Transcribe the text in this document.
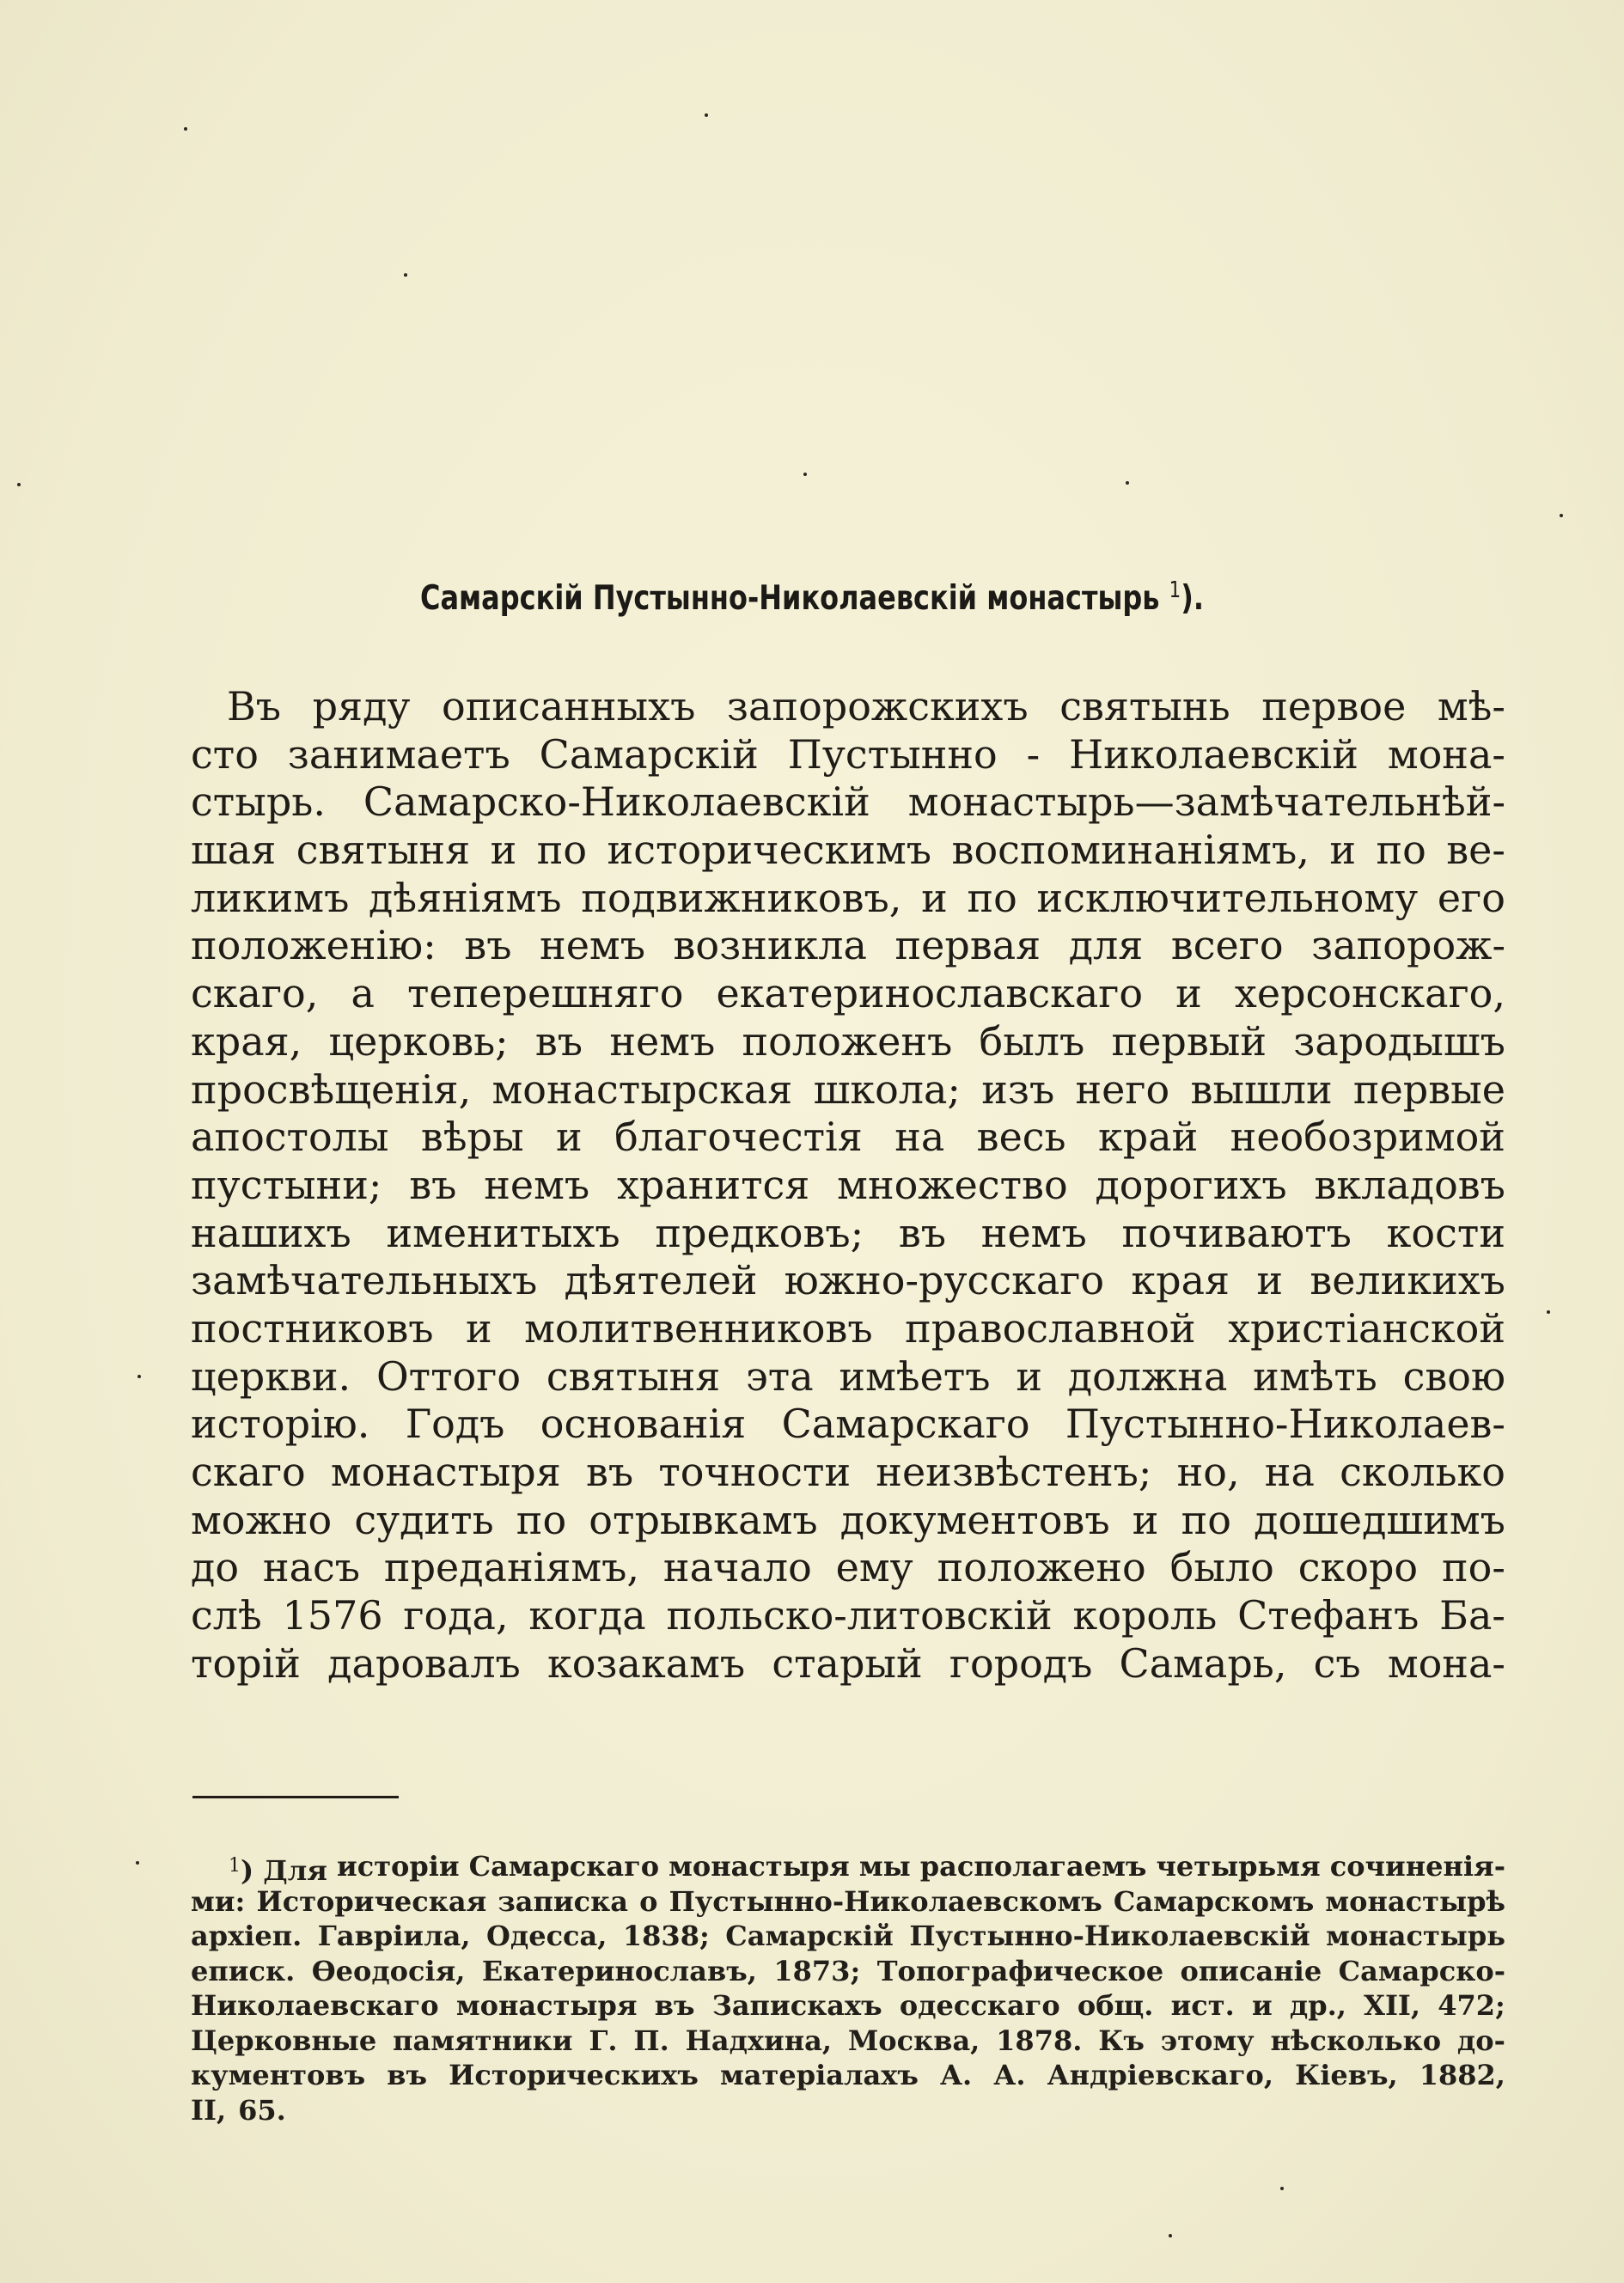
Самарскій Пустынно-Николаевскій монастырь $^1$).
Въ ряду описанныхъ запорожскихъ святынь первое мѣ-
сто занимаетъ Самарскій Пустынно - Николаевскій мона-
стырь. Самарско-Николаевскій монастырь—замѣчательнѣй-
шая святыня и по историческимъ воспоминаніямъ, и по ве-
ликимъ дѣяніямъ подвижниковъ, и по исключительному его
положенію: въ немъ возникла первая для всего запорож-
скаго, а теперешняго екатеринославскаго и херсонскаго,
края, церковь; въ немъ положенъ былъ первый зародышъ
просвѣщенія, монастырская школа; изъ него вышли первые
апостолы вѣры и благочестія на весь край необозримой
пустыни; въ немъ хранится множество дорогихъ вкладовъ
нашихъ именитыхъ предковъ; въ немъ почиваютъ кости
замѣчательныхъ дѣятелей южно-русскаго края и великихъ
постниковъ и молитвенниковъ православной христіанской
церкви. Оттого святыня эта имѣетъ и должна имѣть свою
исторію. Годъ основанія Самарскаго Пустынно-Николаев-
скаго монастыря въ точности неизвѣстенъ; но, на сколько
можно судить по отрывкамъ документовъ и по дошедшимъ
до насъ преданіямъ, начало ему положено было скоро по-
слѣ 1576 года, когда польско-литовскій король Стефанъ Ба-
торій даровалъ козакамъ старый городъ Самарь, съ мона-
$^1$) Для исторіи Самарскаго монастыря мы располагаемъ четырьмя сочиненія-
ми: Историческая записка о Пустынно-Николаевскомъ Самарскомъ монастырѣ
архіеп. Гавріила, Одесса, 1838; Самарскій Пустынно-Николаевскій монастырь
еписк. Ѳеодосія, Екатеринославъ, 1873; Топографическое описаніе Самарско-
Николаевскаго монастыря въ Запискахъ одесскаго общ. ист. и др., XII, 472;
Церковные памятники Г. П. Надхина, Москва, 1878. Къ этому нѣсколько до-
кументовъ въ Историческихъ матеріалахъ А. А. Андріевскаго, Кіевъ, 1882,
II, 65.
